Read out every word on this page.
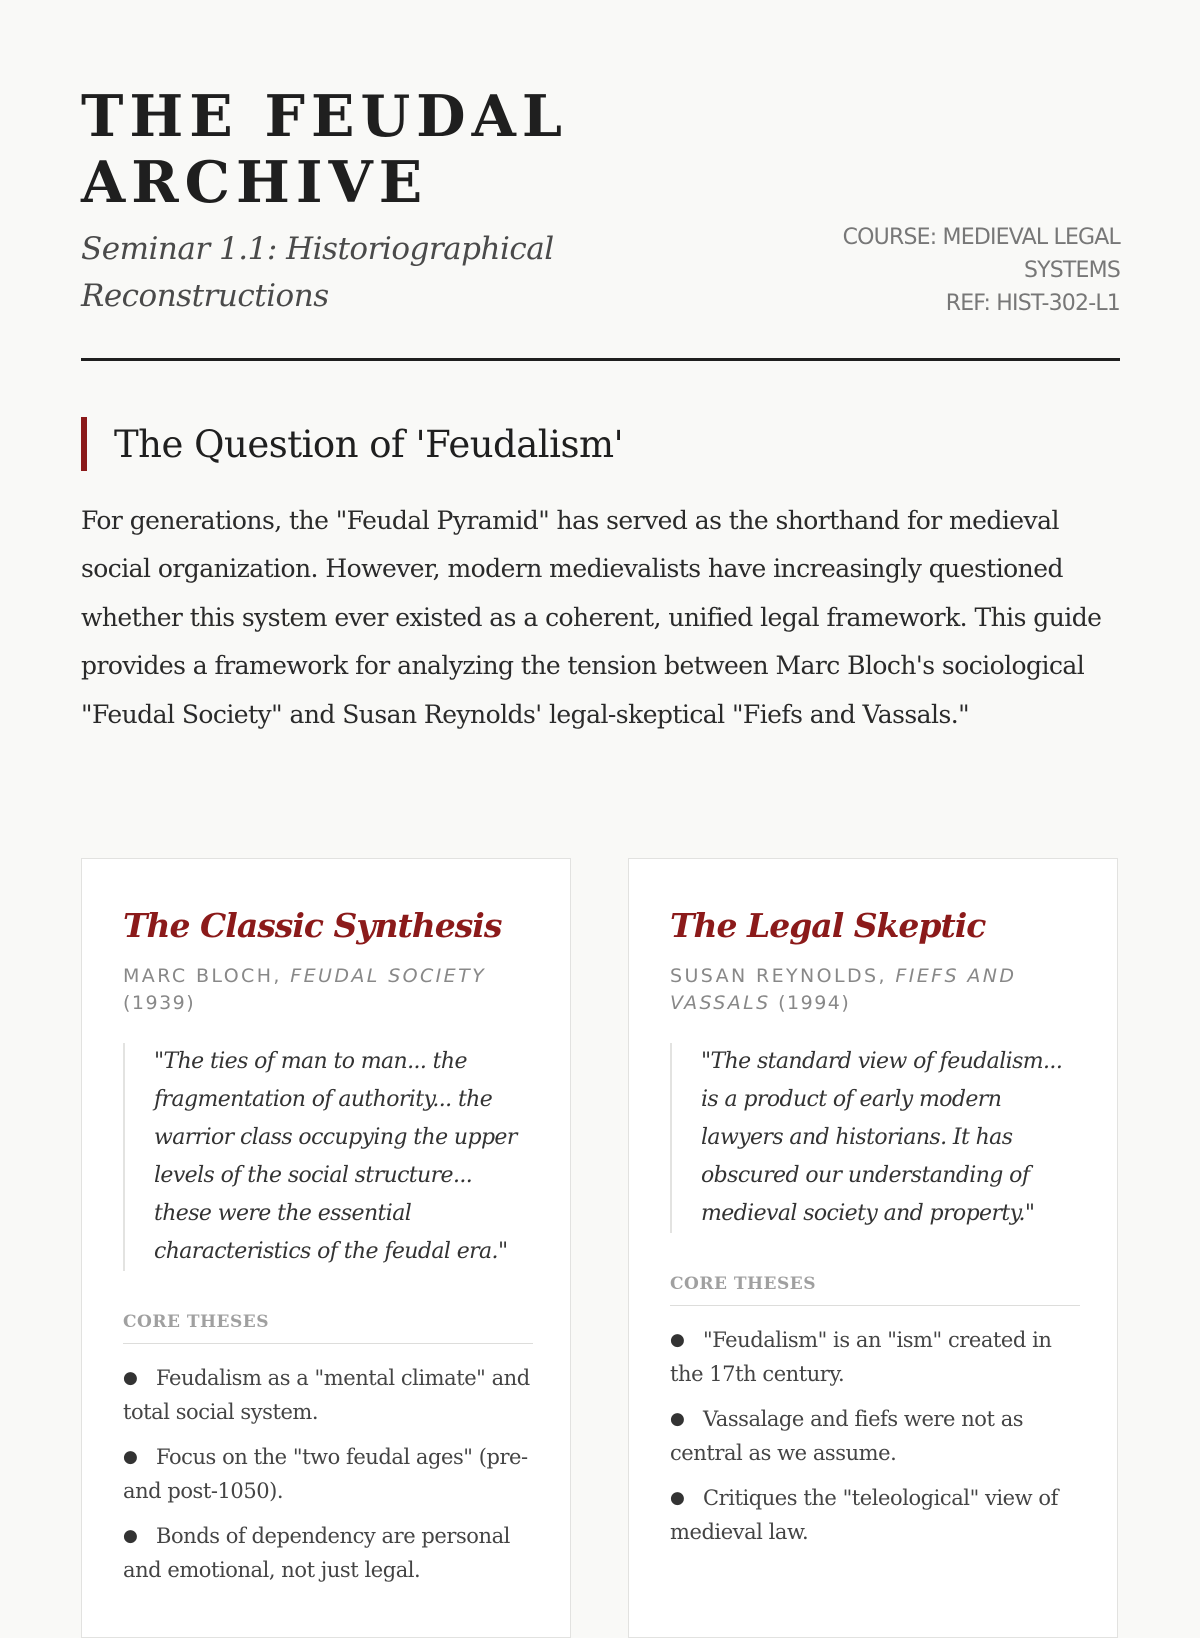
THE FEUDAL
ARCHIVE

Seminar 1.1: Historiographical Reconstructions

COURSE: MEDIEVAL LEGAL SYSTEMS
REF: HIST-302-L1
The Question of 'Feudalism'

For generations, the "Feudal Pyramid" has served as the shorthand for medieval social organization. However, modern medievalists have increasingly questioned whether this system ever existed as a coherent, unified legal framework. This guide provides a framework for analyzing the tension between Marc Bloch's sociological "Feudal Society" and Susan Reynolds' legal-skeptical "Fiefs and Vassals."

The Classic Synthesis
MARC BLOCH, FEUDAL SOCIETY (1939)
"The ties of man to man... the fragmentation of authority... the warrior class occupying the upper levels of the social structure... these were the essential characteristics of the feudal era."
CORE THESES
● Feudalism as a "mental climate" and total social system.
● Focus on the "two feudal ages" (pre- and post-1050).
● Bonds of dependency are personal and emotional, not just legal.
The Legal Skeptic
SUSAN REYNOLDS, FIEFS AND VASSALS (1994)
"The standard view of feudalism... is a product of early modern lawyers and historians. It has obscured our understanding of medieval society and property."
CORE THESES
● "Feudalism" is an "ism" created in the 17th century.
● Vassalage and fiefs were not as central as we assume.
● Critiques the "teleological" view of medieval law.
